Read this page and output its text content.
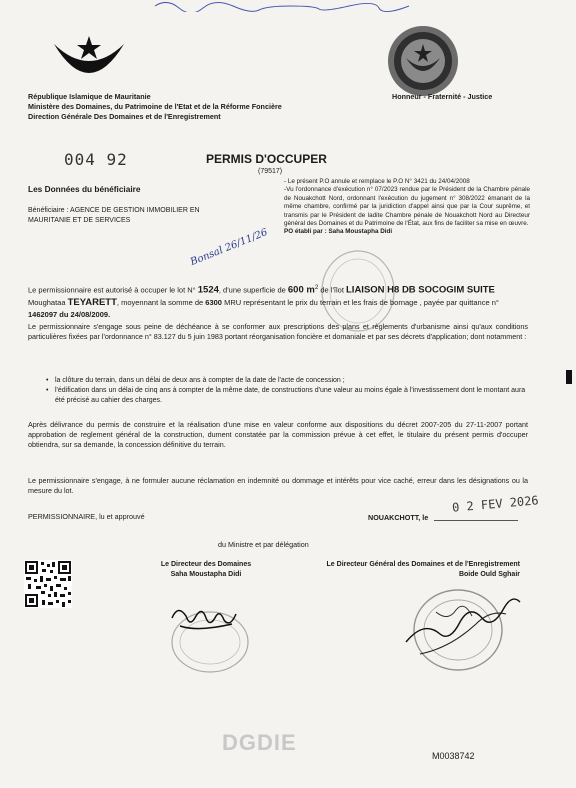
République Islamique de Mauritanie
Ministère des Domaines, du Patrimoine de l'Etat et de la Réforme Foncière
Direction Générale Des Domaines et de l'Enregistrement
Honneur - Fraternité - Justice
004 92	PERMIS D'OCCUPER
(79517)
Les Données du bénéficiaire
Bénéficiaire : AGENCE DE GESTION IMMOBILIER EN MAURITANIE ET DE SERVICES
- Le présent P.O annule et remplace le P.O N° 3421 du 24/04/2008
-Vu l'ordonnance d'exécution n° 07/2023 rendue par le Président de la Chambre pénale de Nouakchott Nord, ordonnant l'exécution du jugement n° 308/2022 émanant de la même chambre, confirmé par la juridiction d'appel ainsi que par la Cour suprême, et transmis par le Président de ladite Chambre pénale de Nouakchott Nord au Directeur général des Domaines et du Patrimoine de l'État, aux fins de faciliter sa mise en œuvre.
PO établi par : Saha Moustapha Didi
Bonsal 26/11/26
Le permissionnaire est autorisé à occuper le lot N° 1524, d'une superficie de 600 $m^2$ de l'îlot LIAISON H8 DB SOCOGIM SUITE Moughataa TEYARETT, moyennant la somme de 6300 MRU représentant le prix du terrain et les frais de bornage , payée par quittance n° 1462097 du 24/08/2009.
Le permissionnaire s'engage sous peine de déchéance à se conformer aux prescriptions des plans et règlements d'urbanisme ainsi qu'aux conditions particulières fixées par l'ordonnance n° 83.127 du 5 juin 1983 portant réorganisation foncière et domaniale et par ses décrets d'application; dont notamment :
• la clôture du terrain, dans un délai de deux ans à compter de la date de l'acte de concession ;
• l'édification dans un délai de cinq ans à compter de la même date, de constructions d'une valeur au moins égale à l'investissement dont le montant aura été précisé au cahier des charges.
Après délivrance du permis de construire et la réalisation d'une mise en valeur conforme aux dispositions du décret 2007-205 du 27-11-2007 portant approbation de reglement général de la construction, dument constatée par la commission prévue à cet effet, le titulaire du présent permis d'occuper obtiendra, sur sa demande, la concession définitive du terrain.
Le permissionnaire s'engage, à ne formuler aucune réclamation en indemnité ou dommage et intérêts pour vice caché, erreur dans les désignations ou la mesure du lot.
PERMISSIONNAIRE, lu et approuvé	NOUAKCHOTT, le
0 2 FEV 2026
du Ministre et par délégation
Le Directeur des Domaines
Saha Moustapha Didi
Le Directeur Général des Domaines et de l'Enregistrement
Boide Ould Sghair
DGDIE
M0038742
